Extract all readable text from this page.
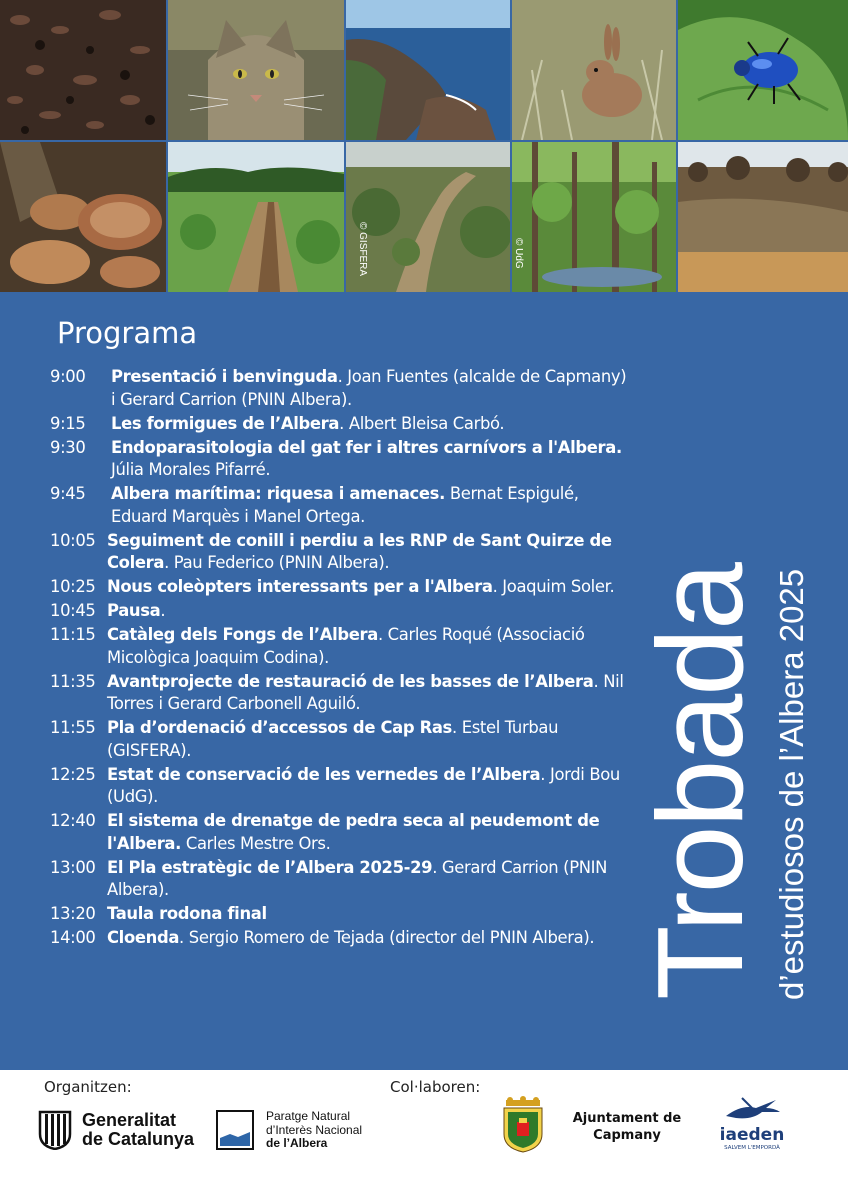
© GISFERA	© UdG
Programa
9:00	Presentació i benvinguda. Joan Fuentes (alcalde de Capmany) i Gerard Carrion (PNIN Albera).
9:15	Les formigues de l’Albera. Albert Bleisa Carbó.
9:30	Endoparasitologia del gat fer i altres carnívors a l'Albera. Júlia Morales Pifarré.
9:45	Albera marítima: riquesa i amenaces. Bernat Espigulé, Eduard Marquès i Manel Ortega.
10:05 Seguiment de conill i perdiu a les RNP de Sant Quirze de Colera. Pau Federico (PNIN Albera).
10:25 Nous coleòpters interessants per a l'Albera. Joaquim Soler.
10:45 Pausa.
11:15 Catàleg dels Fongs de l’Albera. Carles Roqué (Associació Micològica Joaquim Codina).
11:35 Avantprojecte de restauració de les basses de l’Albera. Nil Torres i Gerard Carbonell Aguiló.
11:55 Pla d’ordenació d’accessos de Cap Ras. Estel Turbau (GISFERA).
12:25 Estat de conservació de les vernedes de l’Albera. Jordi Bou (UdG).
12:40 El sistema de drenatge de pedra seca al peudemont de l'Albera. Carles Mestre Ors.
13:00 El Pla estratègic de l’Albera 2025-29. Gerard Carrion (PNIN Albera).
13:20 Taula rodona final
14:00 Cloenda. Sergio Romero de Tejada (director del PNIN Albera). Trobada d’estudiosos de l’Albera 2025
Organitzen:	Col·laboren:
Generalitat
de Catalunya
Paratge Natural
d’Interès Nacional
de l’Albera
Ajuntament de
Capmany	iaeden
SALVEM L'EMPORDÀ
